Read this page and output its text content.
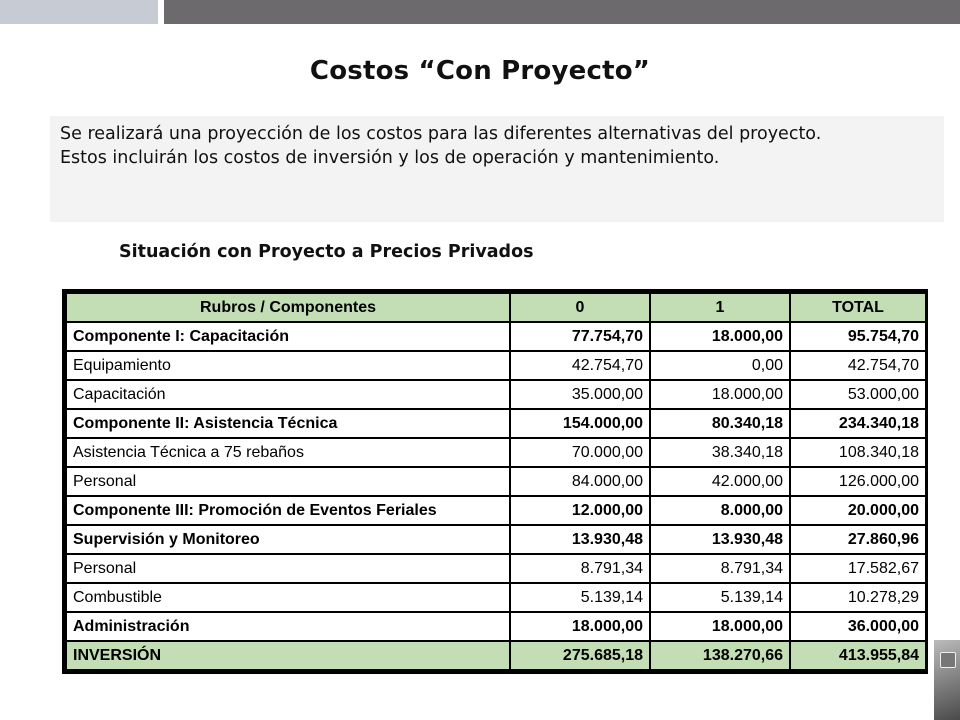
Costos “Con Proyecto”

Se realizará una proyección de los costos para las diferentes alternativas del proyecto.

Estos incluirán los costos de inversión y los de operación y mantenimiento.

Situación con Proyecto a Precios Privados
Rubros / Componentes	0	1	TOTAL
Componente I: Capacitación	77.754,70	18.000,00	95.754,70
Equipamiento	42.754,70	0,00	42.754,70
Capacitación	35.000,00	18.000,00	53.000,00
Componente II: Asistencia Técnica	154.000,00	80.340,18	234.340,18
Asistencia Técnica a 75 rebaños	70.000,00	38.340,18	108.340,18
Personal	84.000,00	42.000,00	126.000,00
Componente III: Promoción de Eventos Feriales	12.000,00	8.000,00	20.000,00
Supervisión y Monitoreo	13.930,48	13.930,48	27.860,96
Personal	8.791,34	8.791,34	17.582,67
Combustible	5.139,14	5.139,14	10.278,29
Administración	18.000,00	18.000,00	36.000,00
INVERSIÓN	275.685,18	138.270,66	413.955,84
